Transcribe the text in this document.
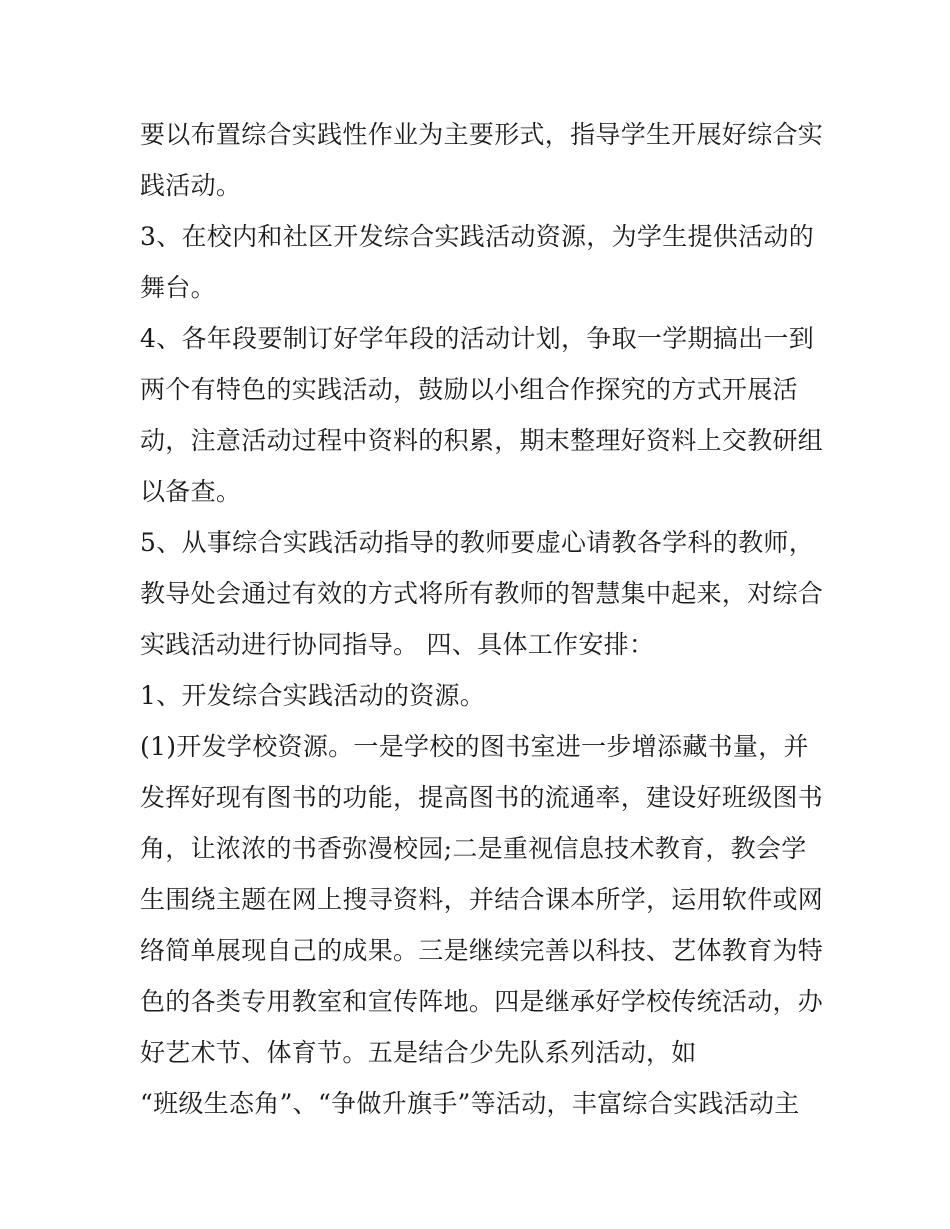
要以布置综合实践性作业为主要形式，指导学生开展好综合实
践活动。
3、在校内和社区开发综合实践活动资源，为学生提供活动的
舞台。
4、各年段要制订好学年段的活动计划，争取一学期搞出一到
两个有特色的实践活动，鼓励以小组合作探究的方式开展活
动，注意活动过程中资料的积累，期末整理好资料上交教研组
以备查。
5、从事综合实践活动指导的教师要虚心请教各学科的教师，
教导处会通过有效的方式将所有教师的智慧集中起来，对综合
实践活动进行协同指导。 四、具体工作安排：
1、开发综合实践活动的资源。
(1)开发学校资源。一是学校的图书室进一步增添藏书量，并
发挥好现有图书的功能，提高图书的流通率，建设好班级图书
角，让浓浓的书香弥漫校园;二是重视信息技术教育，教会学
生围绕主题在网上搜寻资料，并结合课本所学，运用软件或网
络简单展现自己的成果。三是继续完善以科技、艺体教育为特
色的各类专用教室和宣传阵地。四是继承好学校传统活动，办
好艺术节、体育节。五是结合少先队系列活动，如
“班级生态角”、“争做升旗手”等活动，丰富综合实践活动主
